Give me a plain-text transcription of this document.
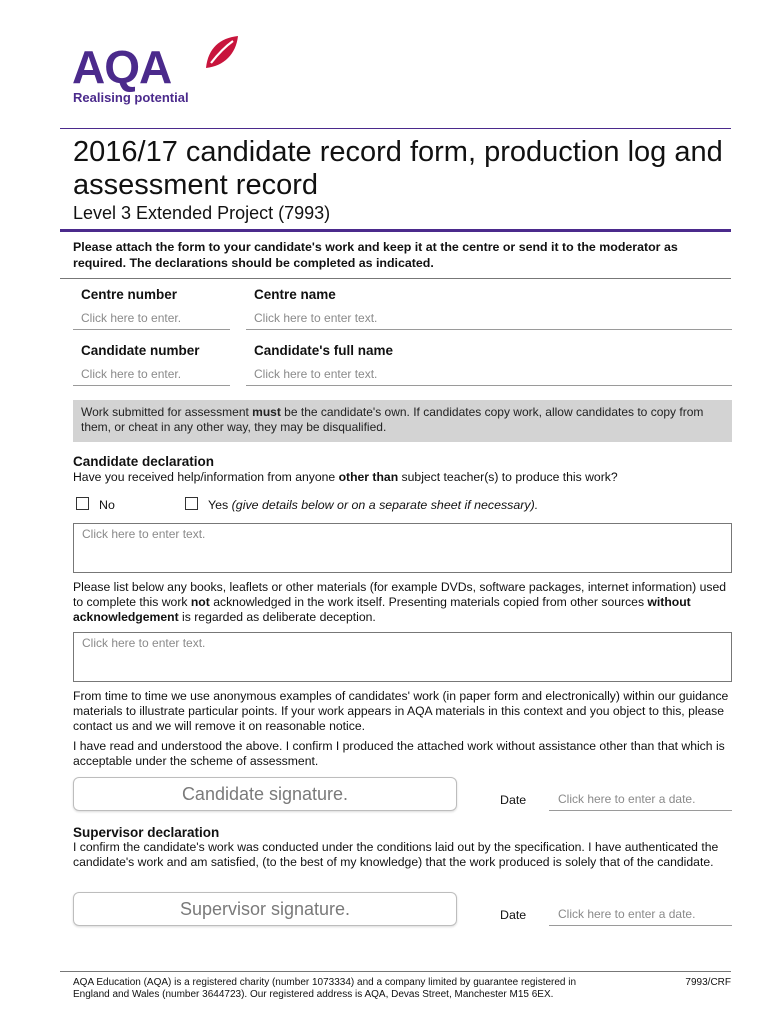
AQA
Realising potential
2016/17 candidate record form, production log and assessment record
Level 3 Extended Project (7993)
Please attach the form to your candidate's work and keep it at the centre or send it to the moderator as required. The declarations should be completed as indicated.
Centre number
Click here to enter.
Centre name
Click here to enter text.
Candidate number
Click here to enter.
Candidate's full name
Click here to enter text.
Work submitted for assessment must be the candidate's own. If candidates copy work, allow candidates to copy from them, or cheat in any other way, they may be disqualified.
Candidate declaration
Have you received help/information from anyone other than subject teacher(s) to produce this work?
No	Yes (give details below or on a separate sheet if necessary).
Click here to enter text.
Please list below any books, leaflets or other materials (for example DVDs, software packages, internet information) used to complete this work not acknowledged in the work itself. Presenting materials copied from other sources without acknowledgement is regarded as deliberate deception.
Click here to enter text.
From time to time we use anonymous examples of candidates' work (in paper form and electronically) within our guidance materials to illustrate particular points. If your work appears in AQA materials in this context and you object to this, please contact us and we will remove it on reasonable notice.
I have read and understood the above. I confirm I produced the attached work without assistance other than that which is acceptable under the scheme of assessment.
Candidate signature.	Date	Click here to enter a date.
Supervisor declaration
I confirm the candidate's work was conducted under the conditions laid out by the specification. I have authenticated the candidate's work and am satisfied, (to the best of my knowledge) that the work produced is solely that of the candidate.
Supervisor signature.	Date	Click here to enter a date.
AQA Education (AQA) is a registered charity (number 1073334) and a company limited by guarantee registered in England and Wales (number 3644723). Our registered address is AQA, Devas Street, Manchester M15 6EX.
7993/CRF
